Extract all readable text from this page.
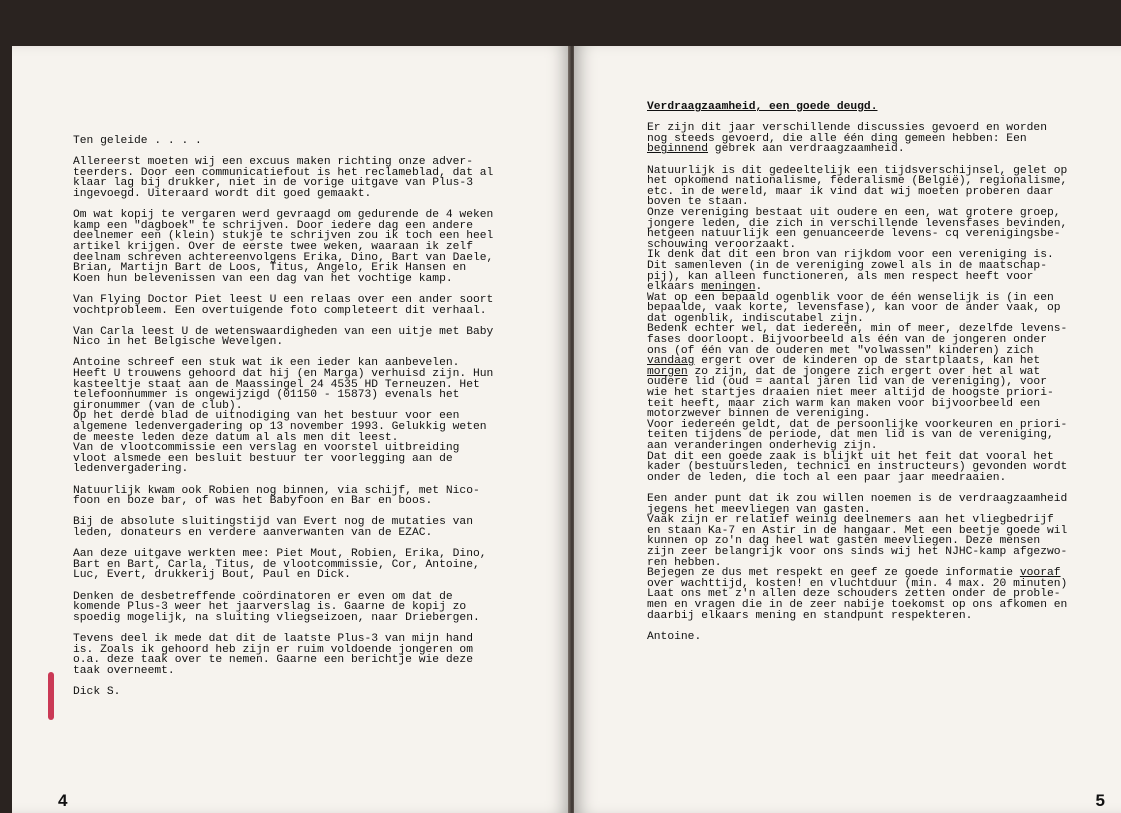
Ten geleide . . . .
Allereerst moeten wij een excuus maken richting onze adver-
teerders. Door een communicatiefout is het reclameblad, dat al
klaar lag bij drukker, niet in de vorige uitgave van Plus-3
ingevoegd. Uiteraard wordt dit goed gemaakt.
Om wat kopij te vergaren werd gevraagd om gedurende de 4 weken
kamp een "dagboek" te schrijven. Door iedere dag een andere
deelnemer een (klein) stukje te schrijven zou ik toch een heel
artikel krijgen. Over de eerste twee weken, waaraan ik zelf
deelnam schreven achtereenvolgens Erika, Dino, Bart van Daele,
Brian, Martijn Bart de Loos, Titus, Angelo, Erik Hansen en
Koen hun belevenissen van een dag van het vochtige kamp.
Van Flying Doctor Piet leest U een relaas over een ander soort
vochtprobleem. Een overtuigende foto completeert dit verhaal.
Van Carla leest U de wetenswaardigheden van een uitje met Baby
Nico in het Belgische Wevelgen.
Antoine schreef een stuk wat ik een ieder kan aanbevelen.
Heeft U trouwens gehoord dat hij (en Marga) verhuisd zijn. Hun
kasteeltje staat aan de Maassingel 24 4535 HD Terneuzen. Het
telefoonnummer is ongewijzigd (01150 - 15873) evenals het
gironummer (van de club).
Op het derde blad de uitnodiging van het bestuur voor een
algemene ledenvergadering op 13 november 1993. Gelukkig weten
de meeste leden deze datum al als men dit leest.
Van de vlootcommissie een verslag en voorstel uitbreiding
vloot alsmede een besluit bestuur ter voorlegging aan de
ledenvergadering.
Natuurlijk kwam ook Robien nog binnen, via schijf, met Nico-
foon en boze bar, of was het Babyfoon en Bar en boos.
Bij de absolute sluitingstijd van Evert nog de mutaties van
leden, donateurs en verdere aanverwanten van de EZAC.
Aan deze uitgave werkten mee: Piet Mout, Robien, Erika, Dino,
Bart en Bart, Carla, Titus, de vlootcommissie, Cor, Antoine,
Luc, Evert, drukkerij Bout, Paul en Dick.
Denken de desbetreffende coördinatoren er even om dat de
komende Plus-3 weer het jaarverslag is. Gaarne de kopij zo
spoedig mogelijk, na sluiting vliegseizoen, naar Driebergen.
Tevens deel ik mede dat dit de laatste Plus-3 van mijn hand
is. Zoals ik gehoord heb zijn er ruim voldoende jongeren om
o.a. deze taak over te nemen. Gaarne een berichtje wie deze
taak overneemt.
Dick S.
4
Verdraagzaamheid, een goede deugd.
Er zijn dit jaar verschillende discussies gevoerd en worden
nog steeds gevoerd, die alle één ding gemeen hebben: Een
beginnend gebrek aan verdraagzaamheid.
Natuurlijk is dit gedeeltelijk een tijdsverschijnsel, gelet op
het opkomend nationalisme, federalisme (België), regionalisme,
etc. in de wereld, maar ik vind dat wij moeten proberen daar
boven te staan.
Onze vereniging bestaat uit oudere en een, wat grotere groep,
jongere leden, die zich in verschillende levensfases bevinden,
hetgeen natuurlijk een genuanceerde levens- cq verenigingsbe-
schouwing veroorzaakt.
Ik denk dat dit een bron van rijkdom voor een vereniging is.
Dit samenleven (in de vereniging zowel als in de maatschap-
pij), kan alleen functioneren, als men respect heeft voor
elkaars meningen.
Wat op een bepaald ogenblik voor de één wenselijk is (in een
bepaalde, vaak korte, levensfase), kan voor de ander vaak, op
dat ogenblik, indiscutabel zijn.
Bedenk echter wel, dat iedereén, min of meer, dezelfde levens-
fases doorloopt. Bijvoorbeeld als één van de jongeren onder
ons (of één van de ouderen met "volwassen" kinderen) zich
vandaag ergert over de kinderen op de startplaats, kan het
morgen zo zijn, dat de jongere zich ergert over het al wat
oudere lid (oud = aantal jaren lid van de vereniging), voor
wie het startjes draaien niet meer altijd de hoogste priori-
teit heeft, maar zich warm kan maken voor bijvoorbeeld een
motorzwever binnen de vereniging.
Voor iedereén geldt, dat de persoonlijke voorkeuren en priori-
teiten tijdens de periode, dat men lid is van de vereniging,
aan veranderingen onderhevig zijn.
Dat dit een goede zaak is blijkt uit het feit dat vooral het
kader (bestuursleden, technici en instructeurs) gevonden wordt
onder de leden, die toch al een paar jaar meedraaien.
Een ander punt dat ik zou willen noemen is de verdraagzaamheid
jegens het meevliegen van gasten.
Vaak zijn er relatief weinig deelnemers aan het vliegbedrijf
en staan Ka-7 en Astir in de hangaar. Met een beetje goede wil
kunnen op zo'n dag heel wat gasten meevliegen. Deze mensen
zijn zeer belangrijk voor ons sinds wij het NJHC-kamp afgezwo-
ren hebben.
Bejegen ze dus met respekt en geef ze goede informatie vooraf
over wachttijd, kosten! en vluchtduur (min. 4 max. 20 minuten)
Laat ons met z'n allen deze schouders zetten onder de proble-
men en vragen die in de zeer nabije toekomst op ons afkomen en
daarbij elkaars mening en standpunt respekteren.
Antoine.
5
